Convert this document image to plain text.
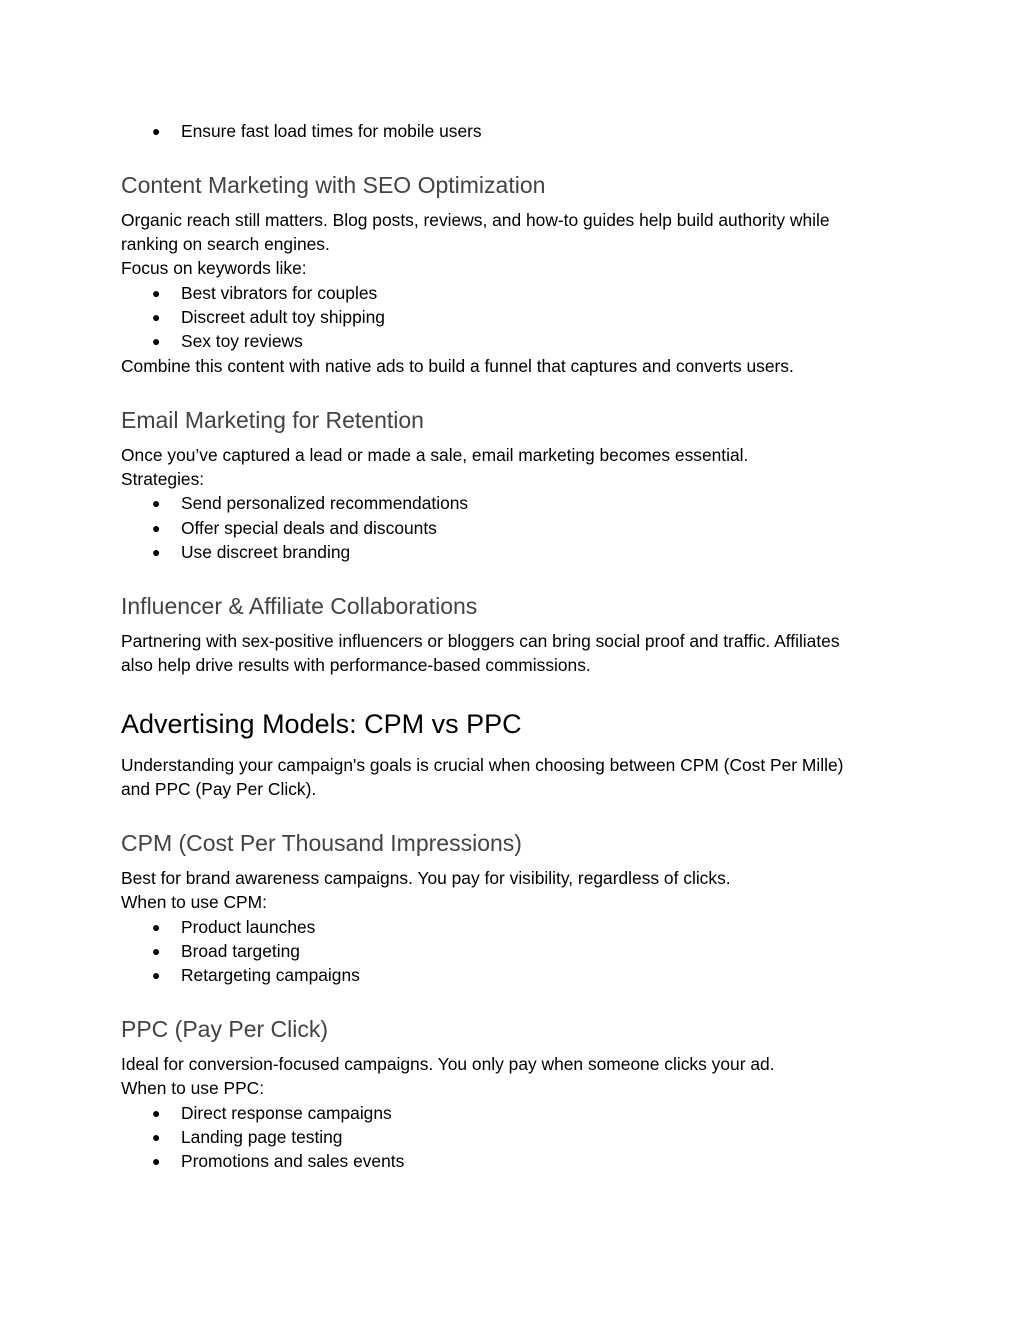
● Ensure fast load times for mobile users
Content Marketing with SEO Optimization
Organic reach still matters. Blog posts, reviews, and how-to guides help build authority while
ranking on search engines.
Focus on keywords like:
● Best vibrators for couples
● Discreet adult toy shipping
● Sex toy reviews
Combine this content with native ads to build a funnel that captures and converts users.
Email Marketing for Retention
Once you’ve captured a lead or made a sale, email marketing becomes essential.
Strategies:
● Send personalized recommendations
● Offer special deals and discounts
● Use discreet branding
Influencer & Affiliate Collaborations
Partnering with sex-positive influencers or bloggers can bring social proof and traffic. Affiliates
also help drive results with performance-based commissions.
Advertising Models: CPM vs PPC
Understanding your campaign's goals is crucial when choosing between CPM (Cost Per Mille)
and PPC (Pay Per Click).
CPM (Cost Per Thousand Impressions)
Best for brand awareness campaigns. You pay for visibility, regardless of clicks.
When to use CPM:
● Product launches
● Broad targeting
● Retargeting campaigns
PPC (Pay Per Click)
Ideal for conversion-focused campaigns. You only pay when someone clicks your ad.
When to use PPC:
● Direct response campaigns
● Landing page testing
● Promotions and sales events
